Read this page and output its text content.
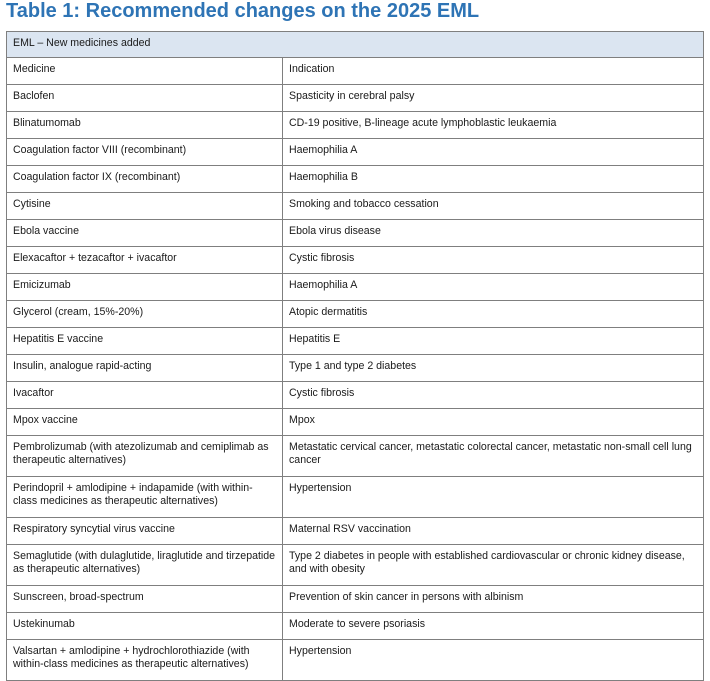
Table 1: Recommended changes on the 2025 EML
EML – New medicines added	
Medicine	Indication
Baclofen	Spasticity in cerebral palsy
Blinatumomab	CD-19 positive, B-lineage acute lymphoblastic leukaemia
Coagulation factor VIII (recombinant)	Haemophilia A
Coagulation factor IX (recombinant)	Haemophilia B
Cytisine	Smoking and tobacco cessation
Ebola vaccine	Ebola virus disease
Elexacaftor + tezacaftor + ivacaftor	Cystic fibrosis
Emicizumab	Haemophilia A
Glycerol (cream, 15%-20%)	Atopic dermatitis
Hepatitis E vaccine	Hepatitis E
Insulin, analogue rapid-acting	Type 1 and type 2 diabetes
Ivacaftor	Cystic fibrosis
Mpox vaccine	Mpox
Pembrolizumab (with atezolizumab and cemiplimab as therapeutic alternatives)	Metastatic cervical cancer, metastatic colorectal cancer, metastatic non-small cell lung cancer
Perindopril + amlodipine + indapamide (with within-class medicines as therapeutic alternatives)	Hypertension
Respiratory syncytial virus vaccine	Maternal RSV vaccination
Semaglutide (with dulaglutide, liraglutide and tirzepatide as therapeutic alternatives)	Type 2 diabetes in people with established cardiovascular or chronic kidney disease, and with obesity
Sunscreen, broad-spectrum	Prevention of skin cancer in persons with albinism
Ustekinumab	Moderate to severe psoriasis
Valsartan + amlodipine + hydrochlorothiazide (with within-class medicines as therapeutic alternatives)	Hypertension
